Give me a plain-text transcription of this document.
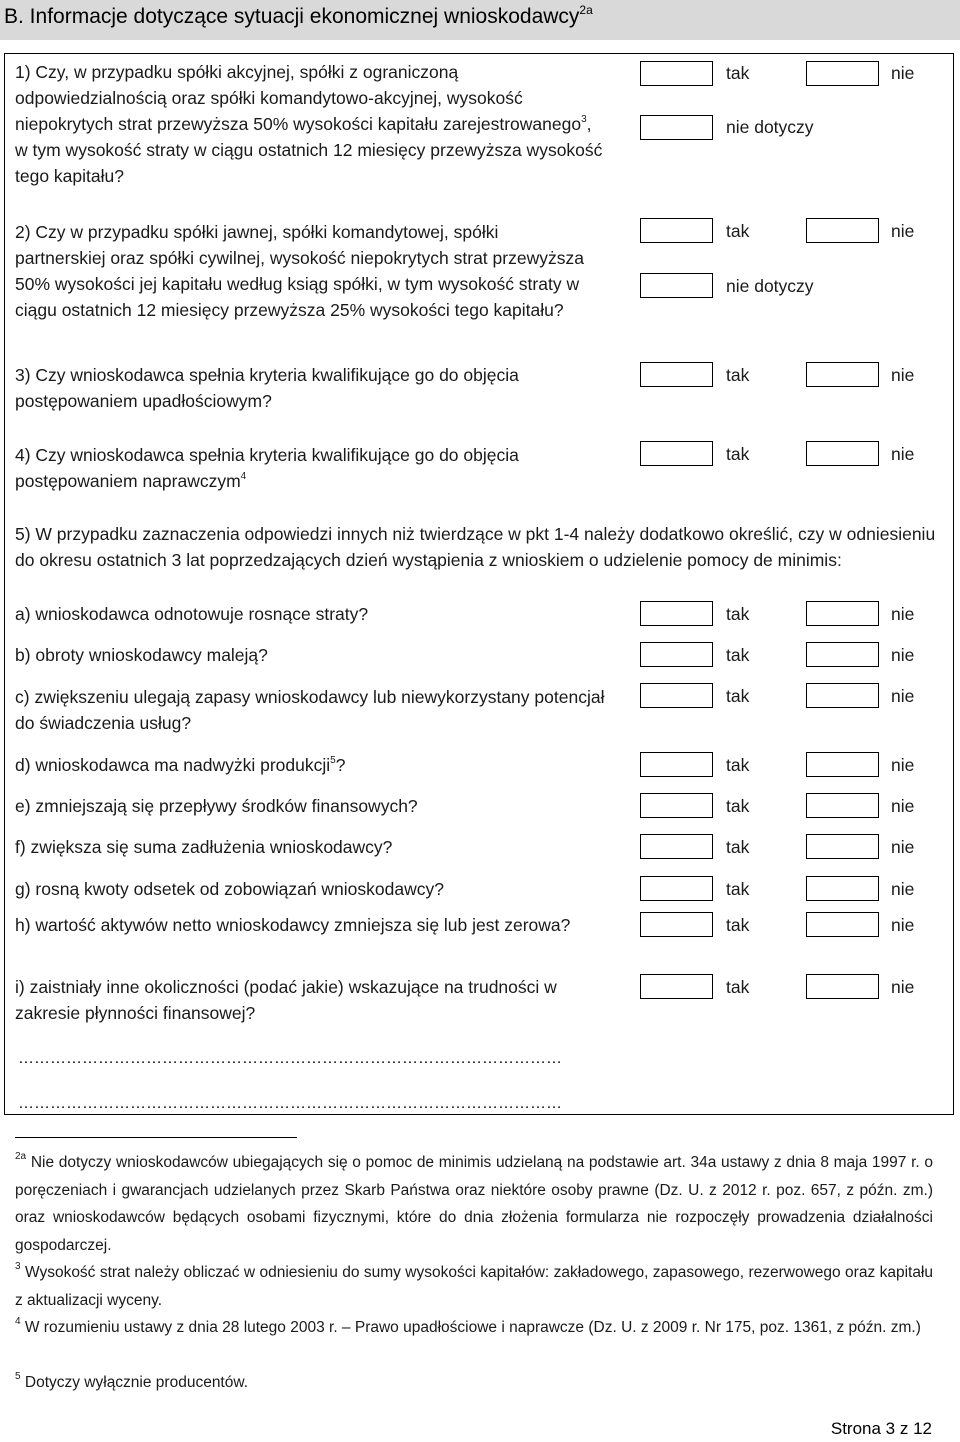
B. Informacje dotyczące sytuacji ekonomicznej wnioskodawcy$^{2a}$
1) Czy, w przypadku spółki akcyjnej, spółki z ograniczoną odpowiedzialnością oraz spółki komandytowo-akcyjnej, wysokość niepokrytych strat przewyższa 50% wysokości kapitału zarejestrowanego$^3$, w tym wysokość straty w ciągu ostatnich 12 miesięcy przewyższa wysokość tego kapitału?
tak	nie
nie dotyczy
2) Czy w przypadku spółki jawnej, spółki komandytowej, spółki partnerskiej oraz spółki cywilnej, wysokość niepokrytych strat przewyższa 50% wysokości jej kapitału według ksiąg spółki, w tym wysokość straty w ciągu ostatnich 12 miesięcy przewyższa 25% wysokości tego kapitału?
tak	nie
nie dotyczy
3) Czy wnioskodawca spełnia kryteria kwalifikujące go do objęcia postępowaniem upadłościowym?
tak	nie
4) Czy wnioskodawca spełnia kryteria kwalifikujące go do objęcia postępowaniem naprawczym$^4$
tak	nie
5) W przypadku zaznaczenia odpowiedzi innych niż twierdzące w pkt 1-4 należy dodatkowo określić, czy w odniesieniu do okresu ostatnich 3 lat poprzedzających dzień wystąpienia z wnioskiem o udzielenie pomocy de minimis:
a) wnioskodawca odnotowuje rosnące straty?	tak	nie
b) obroty wnioskodawcy maleją?	tak	nie
c) zwiększeniu ulegają zapasy wnioskodawcy lub niewykorzystany potencjał do świadczenia usług?
tak	nie
d) wnioskodawca ma nadwyżki produkcji$^5$?	tak	nie
e) zmniejszają się przepływy środków finansowych?	tak	nie
f) zwiększa się suma zadłużenia wnioskodawcy?	tak	nie
g) rosną kwoty odsetek od zobowiązań wnioskodawcy?	tak	nie
h) wartość aktywów netto wnioskodawcy zmniejsza się lub jest zerowa?	tak	nie
i) zaistniały inne okoliczności (podać jakie) wskazujące na trudności w zakresie płynności finansowej?
tak	nie
…………………………………………………………………………………………
…………………………………………………………………………………………
$^{2a}$ Nie dotyczy wnioskodawców ubiegających się o pomoc de minimis udzielaną na podstawie art. 34a ustawy z dnia 8 maja 1997 r. o poręczeniach i gwarancjach udzielanych przez Skarb Państwa oraz niektóre osoby prawne (Dz. U. z 2012 r. poz. 657, z późn. zm.) oraz wnioskodawców będących osobami fizycznymi, które do dnia złożenia formularza nie rozpoczęły prowadzenia działalności gospodarczej.
$^3$ Wysokość strat należy obliczać w odniesieniu do sumy wysokości kapitałów: zakładowego, zapasowego, rezerwowego oraz kapitału z aktualizacji wyceny.
$^4$ W rozumieniu ustawy z dnia 28 lutego 2003 r. – Prawo upadłościowe i naprawcze (Dz. U. z 2009 r. Nr 175, poz. 1361, z późn. zm.)
$^5$ Dotyczy wyłącznie producentów.
Strona 3 z 12
